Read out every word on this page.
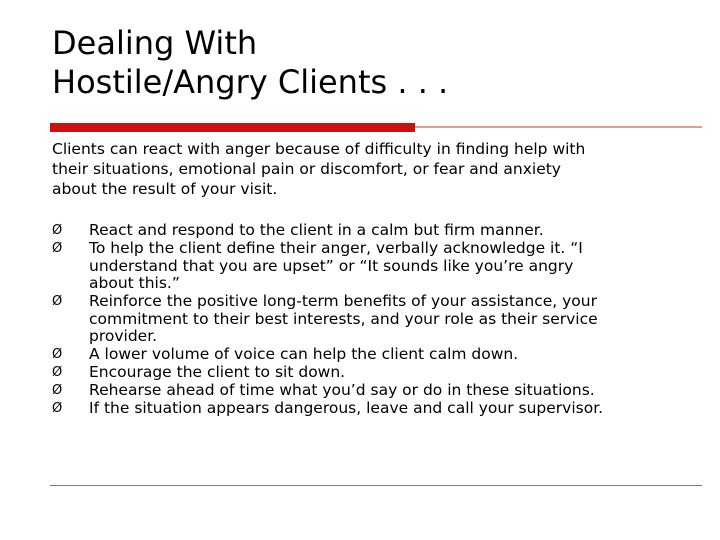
Dealing With
Hostile/Angry Clients . . .

Clients can react with anger because of difficulty in finding help with
their situations, emotional pain or discomfort, or fear and anxiety
about the result of your visit.

Ø	React and respond to the client in a calm but firm manner.
Ø	To help the client define their anger, verbally acknowledge it. “I
understand that you are upset” or “It sounds like you’re angry
about this.”
Ø	Reinforce the positive long-term benefits of your assistance, your
commitment to their best interests, and your role as their service
provider.
Ø	A lower volume of voice can help the client calm down.
Ø	Encourage the client to sit down.
Ø	Rehearse ahead of time what you’d say or do in these situations.
Ø	If the situation appears dangerous, leave and call your supervisor.
